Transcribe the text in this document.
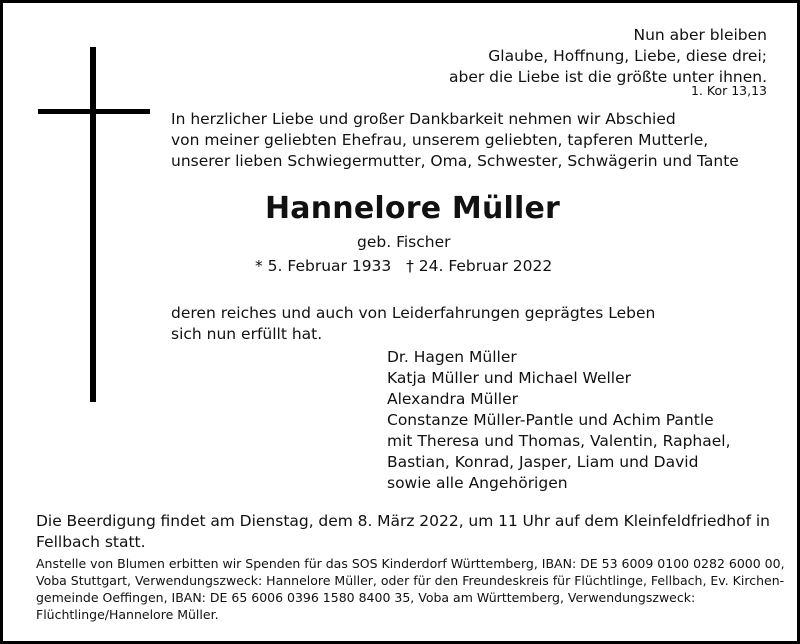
Nun aber bleiben
Glaube, Hoffnung, Liebe, diese drei;
aber die Liebe ist die größte unter ihnen.
1. Kor 13,13
In herzlicher Liebe und großer Dankbarkeit nehmen wir Abschied
von meiner geliebten Ehefrau, unserem geliebten, tapferen Mutterle,
unserer lieben Schwiegermutter, Oma, Schwester, Schwägerin und Tante
Hannelore Müller
geb. Fischer
* 5. Februar 1933 † 24. Februar 2022
deren reiches und auch von Leiderfahrungen geprägtes Leben
sich nun erfüllt hat.
Dr. Hagen Müller
Katja Müller und Michael Weller
Alexandra Müller
Constanze Müller-Pantle und Achim Pantle
mit Theresa und Thomas, Valentin, Raphael,
Bastian, Konrad, Jasper, Liam und David
sowie alle Angehörigen
Die Beerdigung findet am Dienstag, dem 8. März 2022, um 11 Uhr auf dem Kleinfeldfriedhof in
Fellbach statt.
Anstelle von Blumen erbitten wir Spenden für das SOS Kinderdorf Württemberg, IBAN: DE 53 6009 0100 0282 6000 00,
Voba Stuttgart, Verwendungszweck: Hannelore Müller, oder für den Freundeskreis für Flüchtlinge, Fellbach, Ev. Kirchen-
gemeinde Oeffingen, IBAN: DE 65 6006 0396 1580 8400 35, Voba am Württemberg, Verwendungszweck:
Flüchtlinge/Hannelore Müller.
